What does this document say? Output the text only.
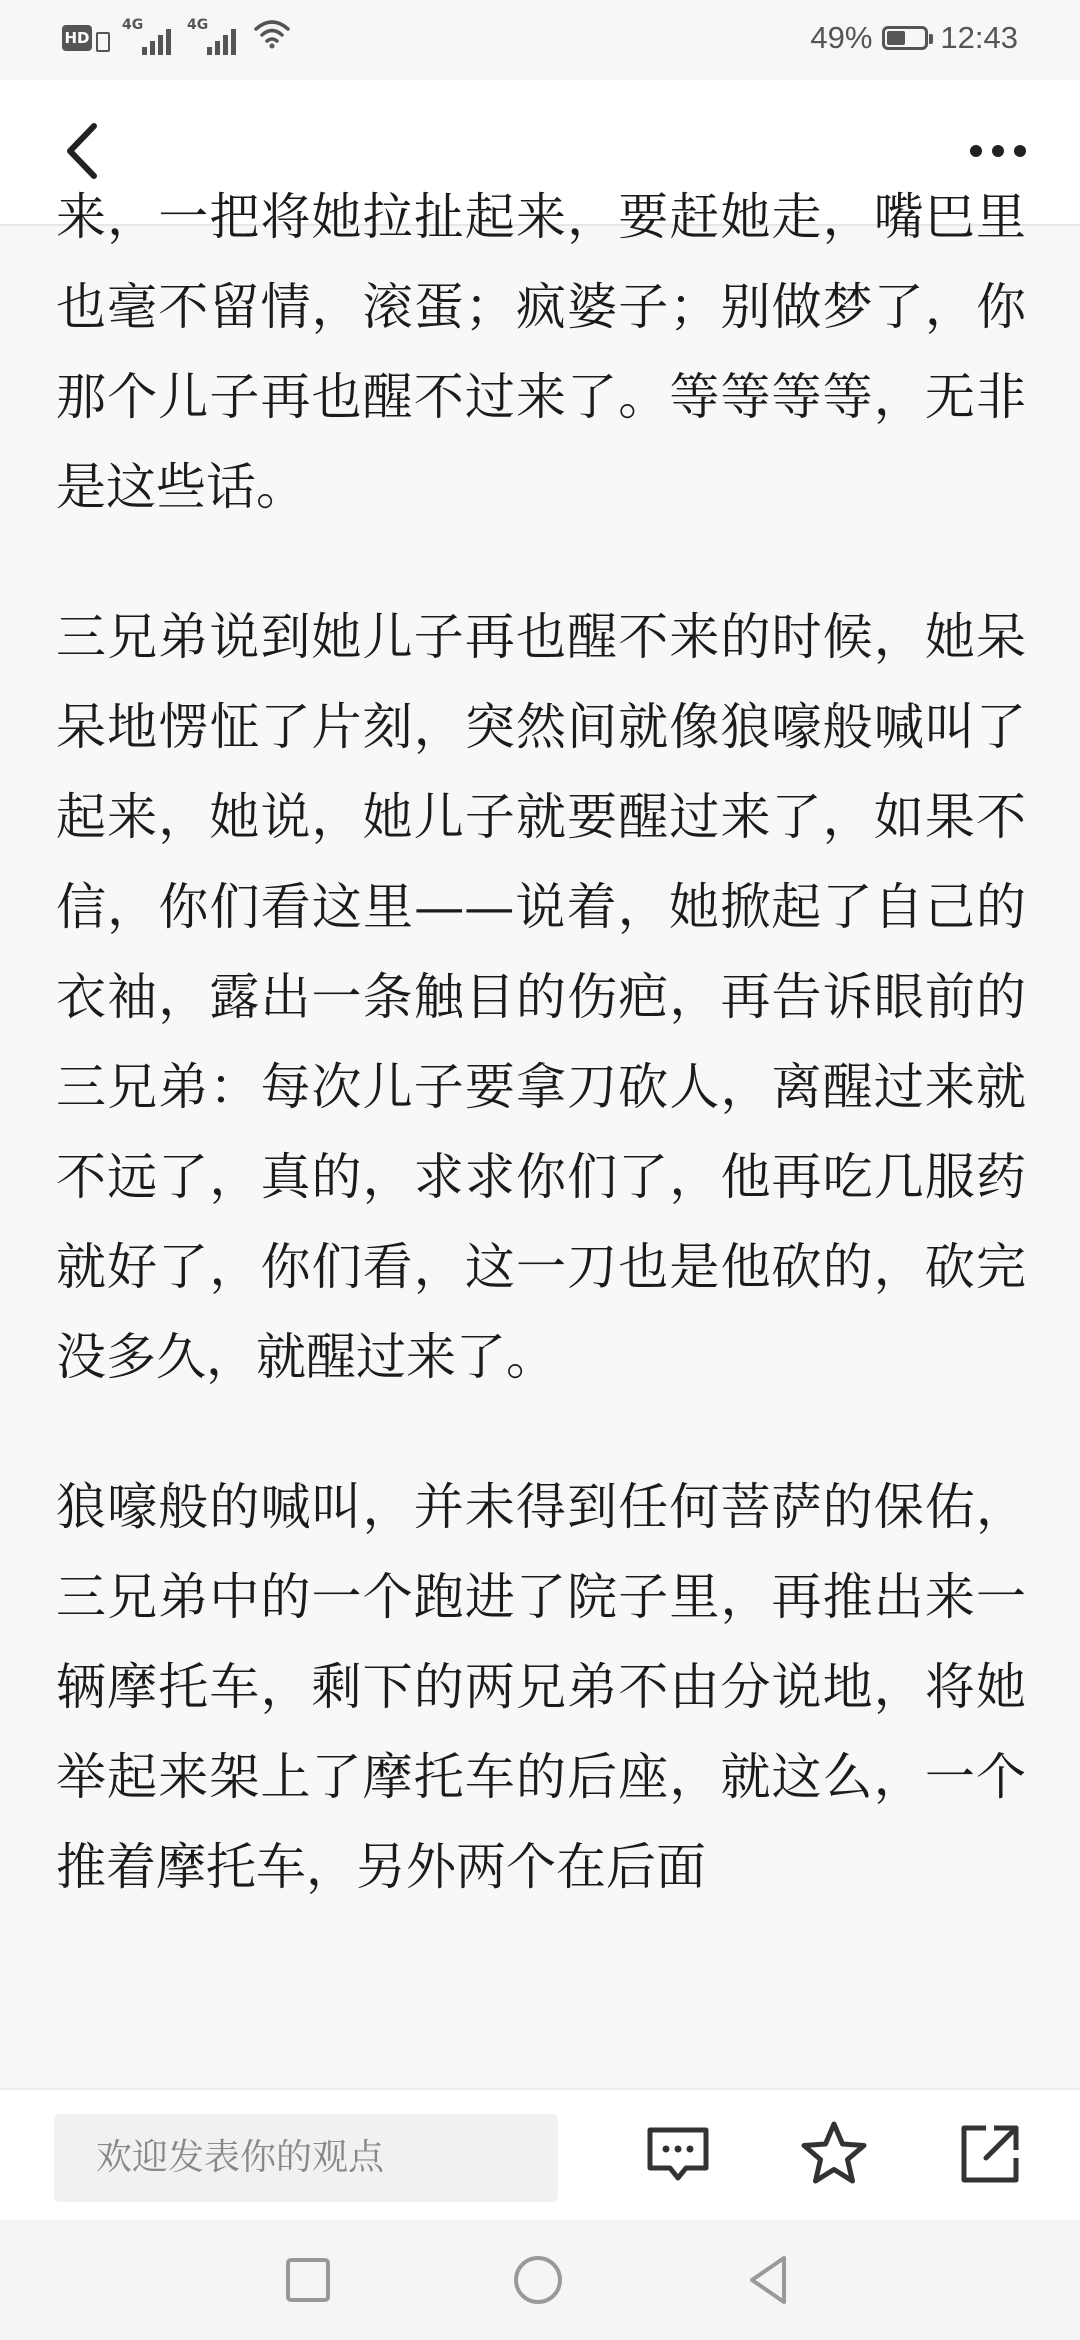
HD
4G	4G	49% 12:43

来，一把将她拉扯起来，要赶她走，嘴巴里也毫不留情，滚蛋；疯婆子；别做梦了，你那个儿子再也醒不过来了。等等等等，无非是这些话。

三兄弟说到她儿子再也醒不来的时候，她呆呆地愣怔了片刻，突然间就像狼嚎般喊叫了起来，她说，她儿子就要醒过来了，如果不信，你们看这里——说着，她掀起了自己的衣袖，露出一条触目的伤疤，再告诉眼前的三兄弟：每次儿子要拿刀砍人，离醒过来就不远了，真的，求求你们了，他再吃几服药就好了，你们看，这一刀也是他砍的，砍完没多久，就醒过来了。

狼嚎般的喊叫，并未得到任何菩萨的保佑，三兄弟中的一个跑进了院子里，再推出来一辆摩托车，剩下的两兄弟不由分说地，将她举起来架上了摩托车的后座，就这么，一个推着摩托车，另外两个在后面

欢迎发表你的观点
